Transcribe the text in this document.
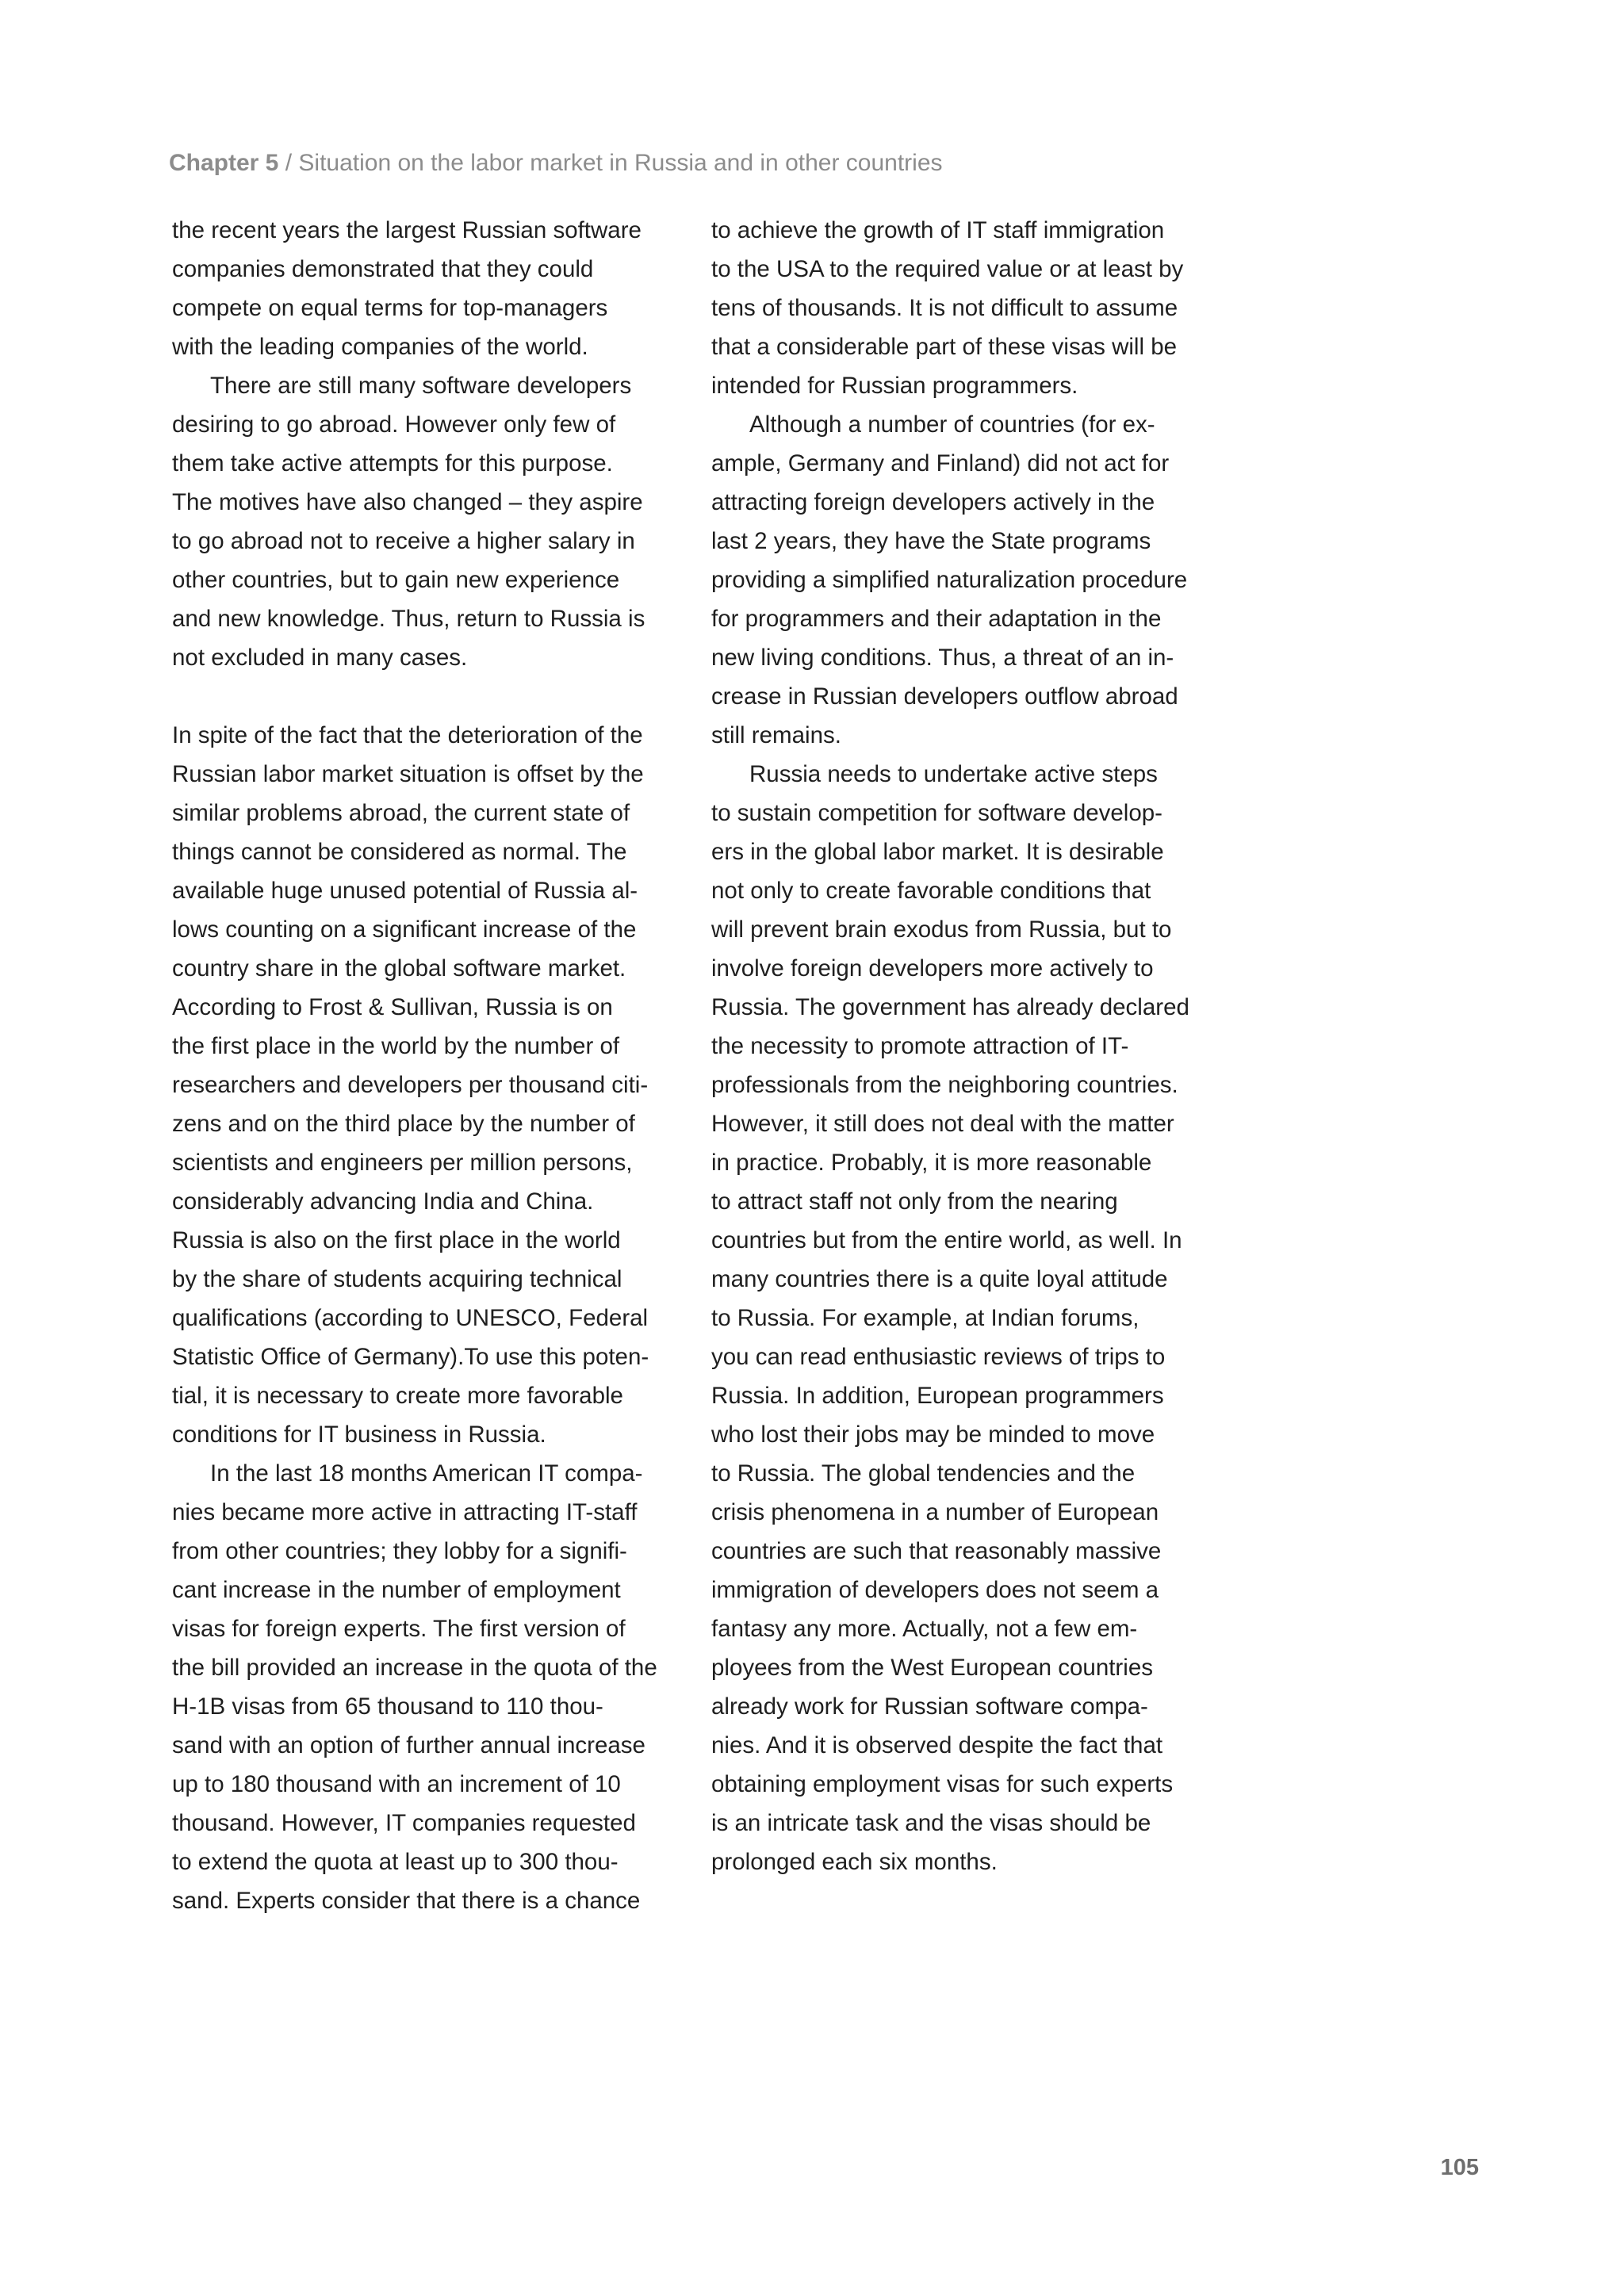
Chapter 5 / Situation on the labor market in Russia and in other countries
the recent years the largest Russian software
companies demonstrated that they could
compete on equal terms for top-managers
with the leading companies of the world.
There are still many software developers
desiring to go abroad. However only few of
them take active attempts for this purpose.
The motives have also changed – they aspire
to go abroad not to receive a higher salary in
other countries, but to gain new experience
and new knowledge. Thus, return to Russia is
not excluded in many cases.
In spite of the fact that the deterioration of the
Russian labor market situation is offset by the
similar problems abroad, the current state of
things cannot be considered as normal. The
available huge unused potential of Russia al-
lows counting on a significant increase of the
country share in the global software market.
According to Frost & Sullivan, Russia is on
the first place in the world by the number of
researchers and developers per thousand citi-
zens and on the third place by the number of
scientists and engineers per million persons,
considerably advancing India and China.
Russia is also on the first place in the world
by the share of students acquiring technical
qualifications (according to UNESCO, Federal
Statistic Office of Germany).To use this poten-
tial, it is necessary to create more favorable
conditions for IT business in Russia.
In the last 18 months American IT compa-
nies became more active in attracting IT-staff
from other countries; they lobby for a signifi-
cant increase in the number of employment
visas for foreign experts. The first version of
the bill provided an increase in the quota of the
H-1B visas from 65 thousand to 110 thou-
sand with an option of further annual increase
up to 180 thousand with an increment of 10
thousand. However, IT companies requested
to extend the quota at least up to 300 thou-
sand. Experts consider that there is a chance
to achieve the growth of IT staff immigration
to the USA to the required value or at least by
tens of thousands. It is not difficult to assume
that a considerable part of these visas will be
intended for Russian programmers.
Although a number of countries (for ex-
ample, Germany and Finland) did not act for
attracting foreign developers actively in the
last 2 years, they have the State programs
providing a simplified naturalization procedure
for programmers and their adaptation in the
new living conditions. Thus, a threat of an in-
crease in Russian developers outflow abroad
still remains.
Russia needs to undertake active steps
to sustain competition for software develop-
ers in the global labor market. It is desirable
not only to create favorable conditions that
will prevent brain exodus from Russia, but to
involve foreign developers more actively to
Russia. The government has already declared
the necessity to promote attraction of IT-
professionals from the neighboring countries.
However, it still does not deal with the matter
in practice. Probably, it is more reasonable
to attract staff not only from the nearing
countries but from the entire world, as well. In
many countries there is a quite loyal attitude
to Russia. For example, at Indian forums,
you can read enthusiastic reviews of trips to
Russia. In addition, European programmers
who lost their jobs may be minded to move
to Russia. The global tendencies and the
crisis phenomena in a number of European
countries are such that reasonably massive
immigration of developers does not seem a
fantasy any more. Actually, not a few em-
ployees from the West European countries
already work for Russian software compa-
nies. And it is observed despite the fact that
obtaining employment visas for such experts
is an intricate task and the visas should be
prolonged each six months.
105
